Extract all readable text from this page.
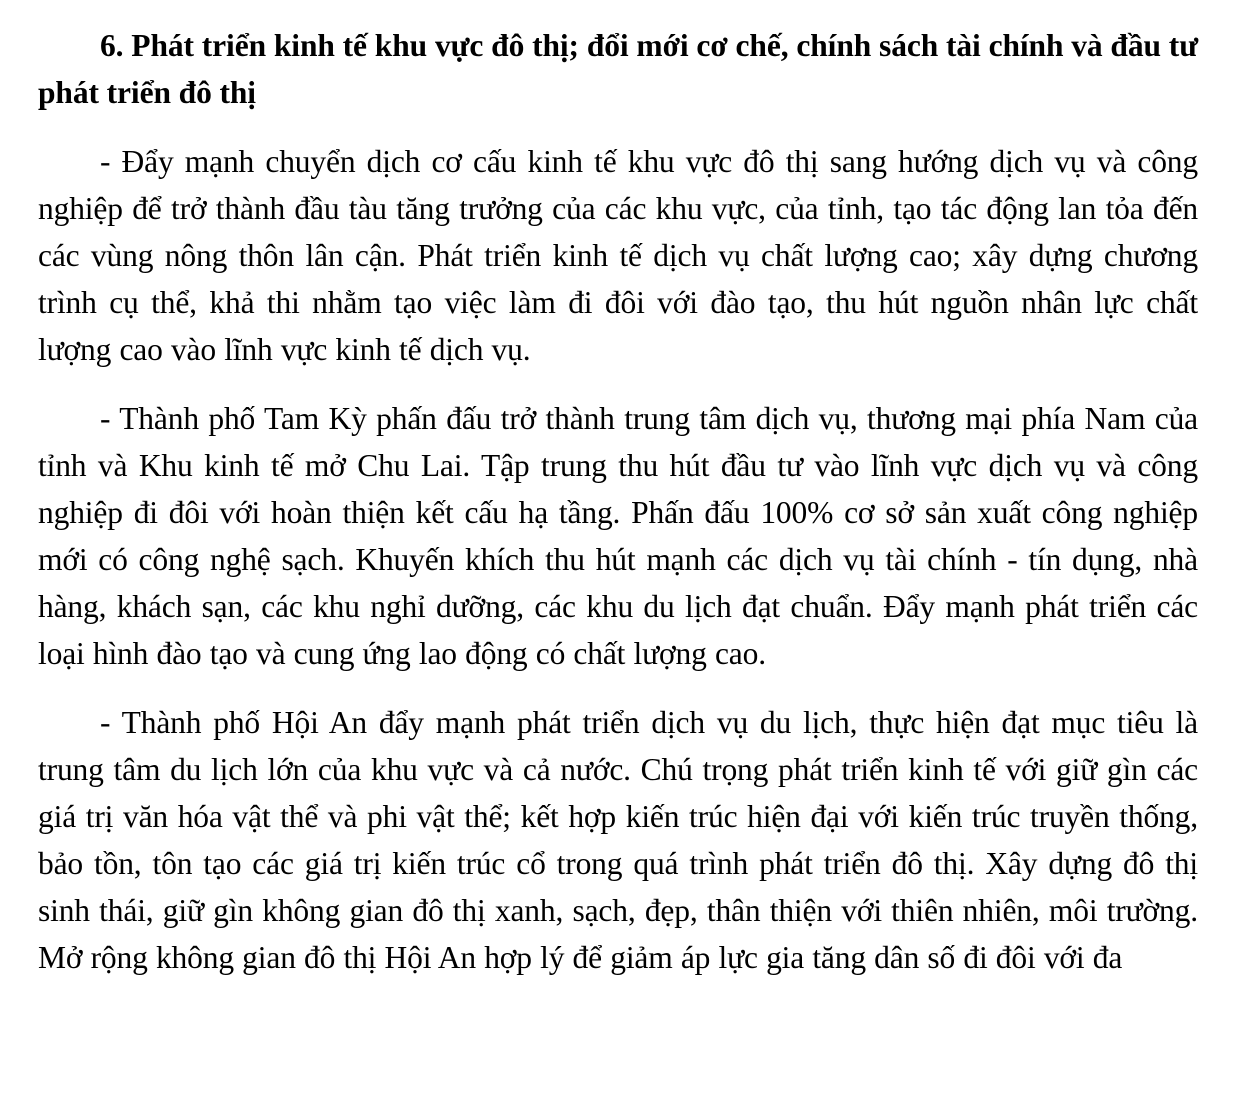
6. Phát triển kinh tế khu vực đô thị; đổi mới cơ chế, chính sách tài chính và đầu tư phát triển đô thị

- Đẩy mạnh chuyển dịch cơ cấu kinh tế khu vực đô thị sang hướng dịch vụ và công nghiệp để trở thành đầu tàu tăng trưởng của các khu vực, của tỉnh, tạo tác động lan tỏa đến các vùng nông thôn lân cận. Phát triển kinh tế dịch vụ chất lượng cao; xây dựng chương trình cụ thể, khả thi nhằm tạo việc làm đi đôi với đào tạo, thu hút nguồn nhân lực chất lượng cao vào lĩnh vực kinh tế dịch vụ.

- Thành phố Tam Kỳ phấn đấu trở thành trung tâm dịch vụ, thương mại phía Nam của tỉnh và Khu kinh tế mở Chu Lai. Tập trung thu hút đầu tư vào lĩnh vực dịch vụ và công nghiệp đi đôi với hoàn thiện kết cấu hạ tầng. Phấn đấu 100% cơ sở sản xuất công nghiệp mới có công nghệ sạch. Khuyến khích thu hút mạnh các dịch vụ tài chính - tín dụng, nhà hàng, khách sạn, các khu nghỉ dưỡng, các khu du lịch đạt chuẩn. Đẩy mạnh phát triển các loại hình đào tạo và cung ứng lao động có chất lượng cao.

- Thành phố Hội An đẩy mạnh phát triển dịch vụ du lịch, thực hiện đạt mục tiêu là trung tâm du lịch lớn của khu vực và cả nước. Chú trọng phát triển kinh tế với giữ gìn các giá trị văn hóa vật thể và phi vật thể; kết hợp kiến trúc hiện đại với kiến trúc truyền thống, bảo tồn, tôn tạo các giá trị kiến trúc cổ trong quá trình phát triển đô thị. Xây dựng đô thị sinh thái, giữ gìn không gian đô thị xanh, sạch, đẹp, thân thiện với thiên nhiên, môi trường. Mở rộng không gian đô thị Hội An hợp lý để giảm áp lực gia tăng dân số đi đôi với đa
